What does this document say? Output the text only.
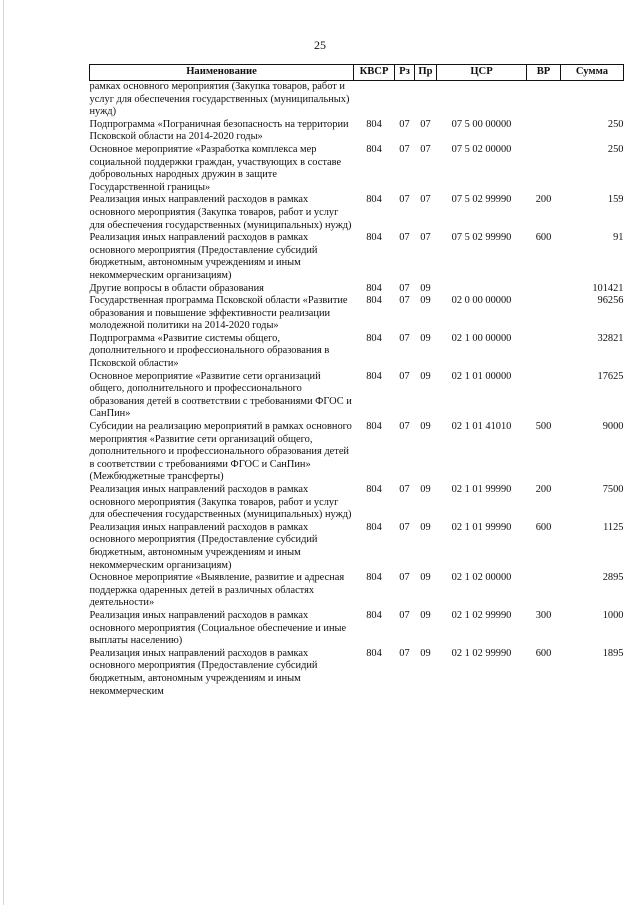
25
Наименование	КВСР	Рз	Пр	ЦСР	ВР	Сумма
рамках основного мероприятия (Закупка товаров, работ и услуг для обеспечения государственных (муниципальных) нужд)						
Подпрограмма «Пограничная безопасность на территории Псковской области на 2014-2020 годы»	804	07	07	07 5 00 00000		250
Основное мероприятие «Разработка комплекса мер социальной поддержки граждан, участвующих в составе добровольных народных дружин в защите Государственной границы»	804	07	07	07 5 02 00000		250
Реализация иных направлений расходов в рамках основного мероприятия (Закупка товаров, работ и услуг для обеспечения государственных (муниципальных) нужд)	804	07	07	07 5 02 99990	200	159
Реализация иных направлений расходов в рамках основного мероприятия (Предоставление субсидий бюджетным, автономным учреждениям и иным некоммерческим организациям)	804	07	07	07 5 02 99990	600	91
Другие вопросы в области образования	804	07	09			101421
Государственная программа Псковской области «Развитие образования и повышение эффективности реализации молодежной политики на 2014-2020 годы»	804	07	09	02 0 00 00000		96256
Подпрограмма «Развитие системы общего, дополнительного и профессионального образования в Псковской области»	804	07	09	02 1 00 00000		32821
Основное мероприятие «Развитие сети организаций общего, дополнительного и профессионального образования детей в соответствии с требованиями ФГОС и СанПин»	804	07	09	02 1 01 00000		17625
Субсидии на реализацию мероприятий в рамках основного мероприятия «Развитие сети организаций общего, дополнительного и профессионального образования детей в соответствии с требованиями ФГОС и СанПин» (Межбюджетные трансферты)	804	07	09	02 1 01 41010	500	9000
Реализация иных направлений расходов в рамках основного мероприятия (Закупка товаров, работ и услуг для обеспечения государственных (муниципальных) нужд)	804	07	09	02 1 01 99990	200	7500
Реализация иных направлений расходов в рамках основного мероприятия (Предоставление субсидий бюджетным, автономным учреждениям и иным некоммерческим организациям)	804	07	09	02 1 01 99990	600	1125
Основное мероприятие «Выявление, развитие и адресная поддержка одаренных детей в различных областях деятельности»	804	07	09	02 1 02 00000		2895
Реализация иных направлений расходов в рамках основного мероприятия (Социальное обеспечение и иные выплаты населению)	804	07	09	02 1 02 99990	300	1000
Реализация иных направлений расходов в рамках основного мероприятия (Предоставление субсидий бюджетным, автономным учреждениям и иным некоммерческим	804	07	09	02 1 02 99990	600	1895
